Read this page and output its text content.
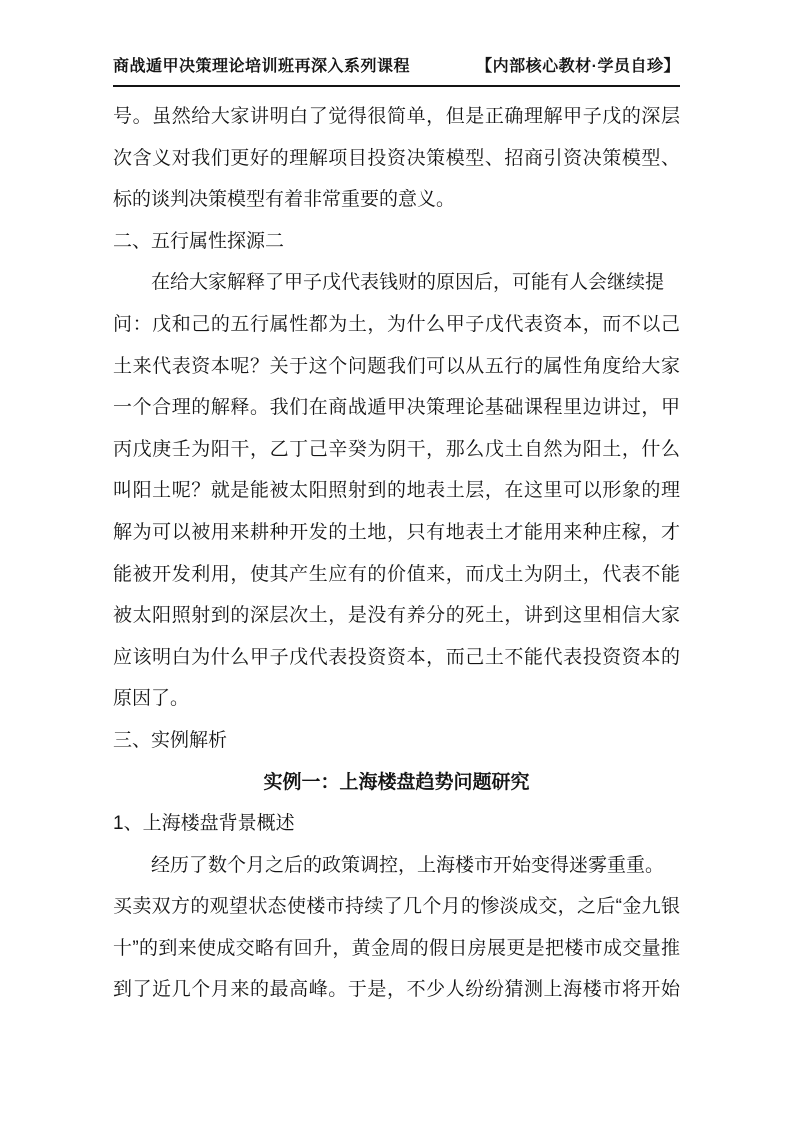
商战遁甲决策理论培训班再深入系列课程	【内部核心教材·学员自珍】
号。虽然给大家讲明白了觉得很简单，但是正确理解甲子戊的深层
次含义对我们更好的理解项目投资决策模型、招商引资决策模型、
标的谈判决策模型有着非常重要的意义。
二、五行属性探源二
在给大家解释了甲子戊代表钱财的原因后，可能有人会继续提
问：戊和己的五行属性都为土，为什么甲子戊代表资本，而不以己
土来代表资本呢？关于这个问题我们可以从五行的属性角度给大家
一个合理的解释。我们在商战遁甲决策理论基础课程里边讲过，甲
丙戊庚壬为阳干，乙丁己辛癸为阴干，那么戊土自然为阳土，什么
叫阳土呢？就是能被太阳照射到的地表土层，在这里可以形象的理
解为可以被用来耕种开发的土地，只有地表土才能用来种庄稼，才
能被开发利用，使其产生应有的价值来，而戊土为阴土，代表不能
被太阳照射到的深层次土，是没有养分的死土，讲到这里相信大家
应该明白为什么甲子戊代表投资资本，而己土不能代表投资资本的
原因了。
三、实例解析
实例一：上海楼盘趋势问题研究
1、上海楼盘背景概述
经历了数个月之后的政策调控，上海楼市开始变得迷雾重重。
买卖双方的观望状态使楼市持续了几个月的惨淡成交，之后“金九银
十”的到来使成交略有回升，黄金周的假日房展更是把楼市成交量推
到了近几个月来的最高峰。于是，不少人纷纷猜测上海楼市将开始
